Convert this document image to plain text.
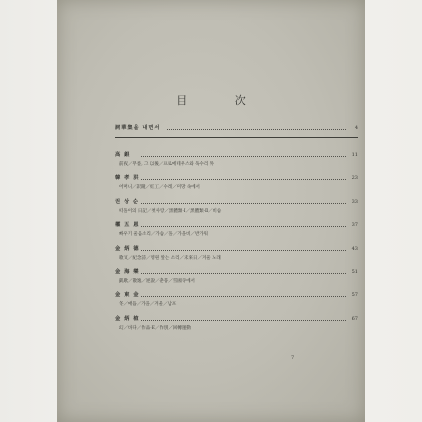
目 次
詞華集을 내면서	4
高 銀	11
前夜／무릎, 그 以後／프로메테우스와 독수리 外
韓 孝 洪	23
어머니／訳鏡／紅工／수레／미망 속에서
권 상 순	33
떠돌이의 日記／첫사랑／黑體類·Ⅰ／黑體類·Ⅱ／비슴
權 五 恩	37
빠우기 울음소리／가슴／돌／가을비／반가워
金 炳 德	43
歌叉／紀念詩／영원 앞는 소리／未來日／겨울 노래
金 海 樂	51
凱歌／散逸／逆說／춘풍／雪國寺에서
金 東 金	57
冬／매듭／가을／겨울／남포
金 炳 植	67
幻／바다／作品·E／作別／回轉運動
7
